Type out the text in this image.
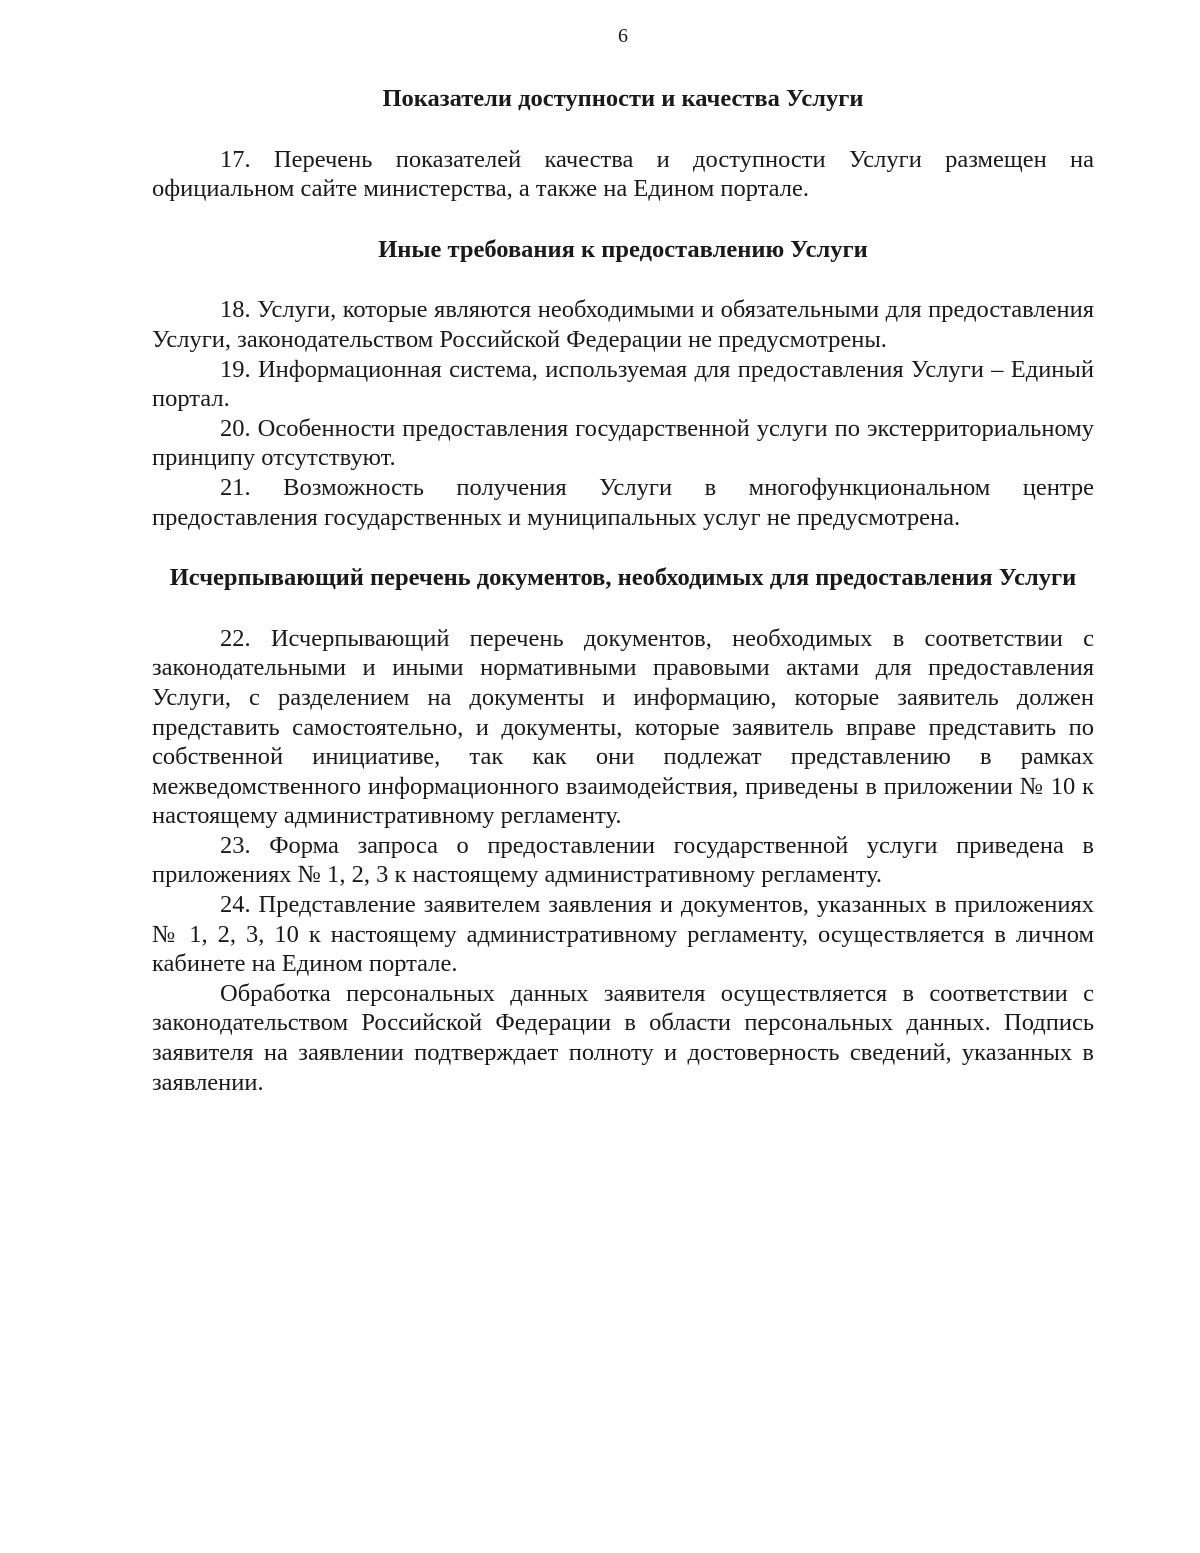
6
Показатели доступности и качества Услуги

17. Перечень показателей качества и доступности Услуги размещен на официальном сайте министерства, а также на Едином портале.

Иные требования к предоставлению Услуги

18. Услуги, которые являются необходимыми и обязательными для предоставления Услуги, законодательством Российской Федерации не предусмотрены.

19. Информационная система, используемая для предоставления Услуги – Единый портал.

20. Особенности предоставления государственной услуги по экстерриториальному принципу отсутствуют.

21. Возможность получения Услуги в многофункциональном центре предоставления государственных и муниципальных услуг не предусмотрена.

Исчерпывающий перечень документов, необходимых для предоставления Услуги

22. Исчерпывающий перечень документов, необходимых в соответствии с законодательными и иными нормативными правовыми актами для предоставления Услуги, с разделением на документы и информацию, которые заявитель должен представить самостоятельно, и документы, которые заявитель вправе представить по собственной инициативе, так как они подлежат представлению в рамках межведомственного информационного взаимодействия, приведены в приложении № 10 к настоящему административному регламенту.

23. Форма запроса о предоставлении государственной услуги приведена в приложениях № 1, 2, 3 к настоящему административному регламенту.

24. Представление заявителем заявления и документов, указанных в приложениях № 1, 2, 3, 10 к настоящему административному регламенту, осуществляется в личном кабинете на Едином портале.

Обработка персональных данных заявителя осуществляется в соответствии с законодательством Российской Федерации в области персональных данных. Подпись заявителя на заявлении подтверждает полноту и достоверность сведений, указанных в заявлении.
